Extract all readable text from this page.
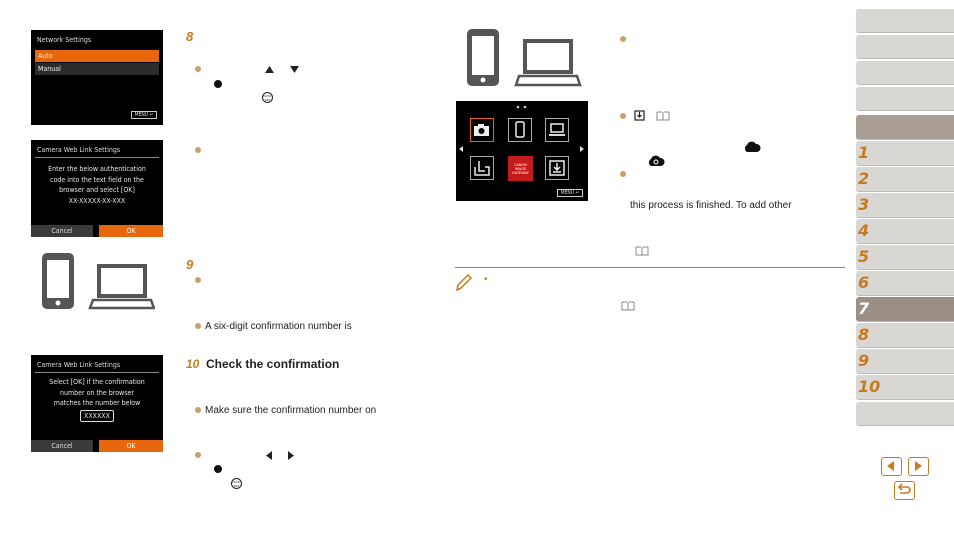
Network Settings
Auto
Manual
MENU ↩
Camera Web Link Settings
Enter the below authentication
code into the text field on the
browser and select [OK]
XX-XXXXX-XX-XXX
Cancel	OK
Camera Web Link Settings
Select [OK] if the confirmation
number on the browser
matches the number below
XXXXXX
Cancel	OK
8
FUNC
SET
9
A six-digit confirmation number is
10 Check the confirmation
Make sure the confirmation number on
FUNC
SET
CANON IMAGE GATEWAY
MENU ↩
this process is finished. To add other
•
1
2
3
4
5
6
7
8
9
10
